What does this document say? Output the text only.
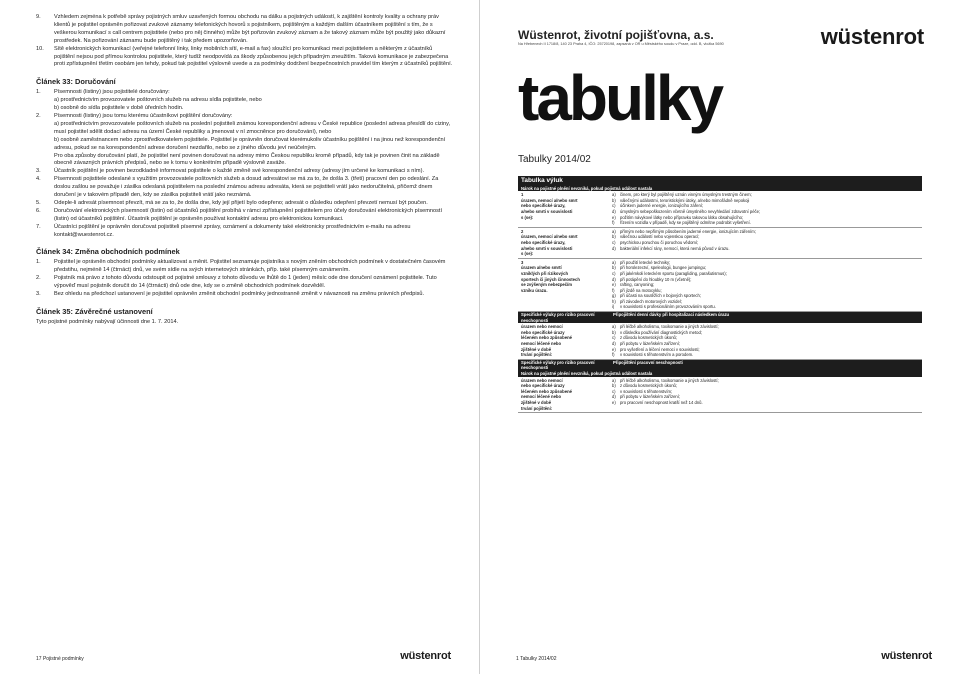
9.	Vzhledem zejména k potřebě správy pojistných smluv uzavřených formou obchodu na dálku a pojistných událostí, k zajištění kontroly kvality a ochrany práv klientů je pojistitel oprávněn pořizovat zvukové záznamy telefonických hovorů s pojistníkem, pojištěným a každým dalším účastníkem pojištění s tím, že s veškerou komunikací s call centrem pojistitele (nebo pro něj činného) může být pořizován zvukový záznam a že takový záznam může být použitý jako důkazní prostředek. Na pořizování záznamu bude pojištěný i tak předem upozorňován.
10.	Sítě elektronických komunikací (veřejné telefonní linky, linky mobilních sítí, e-mail a fax) sloužící pro komunikaci mezi pojistitelem a některým z účastníků pojištění nejsou pod přímou kontrolou pojistitele, který tudíž neodpovídá za škody způsobenou jejich případným zneužitím. Taková komunikace je zabezpečena proti zpřístupnění třetím osobám jen tehdy, pokud tak pojistitel výslovně uvede a za podmínky dodržení bezpečnostních pravidel tím kterým z účastníků pojištění.
Článek 33: Doručování
1.	Písemnosti (listiny) jsou pojistitelé doručovány:
a) prostřednictvím provozovatele poštovních služeb na adresu sídla pojistitele, nebo
b) osobně do sídla pojistitele v době úředních hodin.
2.	Písemnosti (listiny) jsou tomu kterému účastníkovi pojištění doručovány:
a) prostřednictvím provozovatele poštovních služeb na poslední pojistiteli známou korespondenční adresu v České republice (poslední adresa přesídlí do ciziny, musí pojistitel sdělit dodací adresu na území České republiky a jmenovat v ní zmocněnce pro doručování), nebo
b) osobně zaměstnancem nebo zprostředkovatelem pojistitele. Pojistitel je oprávněn doručovat kterémukoliv účastníku pojištění i na jinou než korespondenční adresu, pokud se na korespondenční adrese doručení nezdařilo, nebo se z jiného důvodu jeví neúčelným.
Pro oba způsoby doručování platí, že pojistitel není povinen doručovat na adresy mimo Českou republiku kromě případů, kdy tak je povinen činit na základě obecně závazných právních předpisů, nebo se k tomu v konkrétním případě výslovně zaváže.
3.	Účastník pojištění je povinen bezodkladně informovat pojistitele o každé změně své korespondenční adresy (adresy jím určené ke komunikaci s ním).
4.	Písemnosti pojistitele odeslané s využitím provozovatele poštovních služeb a dosud adresátovi se má za to, že došla 3. (třetí) pracovní den po odeslání. Za doslou zašlou se považuje i zásilka odeslaná pojistitelem na poslední známou adresu adresáta, která se pojistiteli vrátí jako nedoručitelná, přičemž dnem doručení je v takovém případě den, kdy se zásilka pojistiteli vrátí jako neznámá.
5.	Odeple-li adresát písemnost převzít, má se za to, že došla dne, kdy její přijetí bylo odepřeno; adresát o důsledku odepření převzetí nemusí být poučen.
6.	Doručování elektronických písemností (listin) od účastníků pojištění probíhá v rámci zpřístupnění pojistitelem pro účely doručování elektronických písemností (listin) od účastníků pojištění. Účastník pojištění je oprávněn používat kontaktní adresu pro elektronickou komunikaci.
7.	Účastníci pojištění je oprávněn doručovat pojistiteli písemné zprávy, oznámení a dokumenty také elektronicky prostřednictvím e-mailu na adresu kontakt@wuestenrot.cz.
Článek 34: Změna obchodních podmínek
1.	Pojistitel je oprávněn obchodní podmínky aktualizovat a měnit. Pojistitel seznamuje pojistníka s novým zněním obchodních podmínek v dostatečném časovém předstihu, nejméně 14 (čtrnáct) dnů, ve svém sídle na svých internetových stránkách, příp. také písemným oznámením.
2.	Pojistník má právo z tohoto důvodu odstoupit od pojistné smlouvy z tohoto důvodu ve lhůtě do 1 (jeden) měsíc ode dne doručení oznámení pojistitele. Tuto výpověď musí pojistník doručit do 14 (čtrnácti) dnů ode dne, kdy se o změně obchodních podmínek dozvěděl.
3.	Bez ohledu na předchozí ustanovení je pojistitel oprávněn změnit obchodní podmínky jednostranně změnit v návaznosti na změnu právních předpisů.
Článek 35: Závěrečné ustanovení

Tyto pojistné podmínky nabývají účinnosti dne 1. 7. 2014.

17 Pojistné podmínky	wüstenrot
Wüstenrot, životní pojišťovna, a.s.
Na Hřebenech II 1718/8, 140 23 Praha 4, IČO: 25720198, zapsaná v OR u Městského soudu v Praze, odd. B, vložka 5690	wüstenrot
tabulky
Tabulky 2014/02
Tabulka výluk
Nárok na pojistné plnění nevzniká, pokud pojistná událost nastala
1
úrazem, nemocí a/nebo smrt
nebo specifické úrazy,
a/nebo smrti v souvislosti
s (se):
a)	činem, pro který byl pojištěný uznán vinným úmyslným trestným činem;
b)	válečnými událostmi, teroristickými útoky, a/nebo mimořádně nepokoji
c)	účinkem jaderné energie, ionizujícího záření;
d)	úmyslným sebepoškozením včetně úmyslného nevyhledání zdravotní péče;
e)	požitím návykové látky nebo přípravku takovou látku obsahujícího;
f)	řízením vozidla v případě, kdy se pojištěný odmítne podrobit vyšetření.
2
úrazem, nemocí a/nebo smrt
nebo specifické úrazy,
a/nebo smrti v souvislosti
s (se):
a)	přímým nebo nepřímým působením jaderné energie, ionizujícím zářením;
b)	válečnou událostí nebo vojenskou operací;
c)	psychickou poruchou či poruchou vědomí;
d)	bakteriální infekcí rány, nemocí, která nemá původ v úrazu.
3
úrazem a/nebo smrtí
vzniklých při rizikových
sportech či jiných činnostech
se zvýšeným nebezpečím
vzniku úrazu.
a)	při použití letecké techniky;
b)	při horolezectví, speleologii, bungee jumpingu;
c)	při jakémkoli leteckém sportu (paragliding, parašutismus);
d)	při potápění do hloubky 10 m (včetně);
e)	rafting, canyoning;
f)	při jízdě na motocyklu;
g)	při účasti na soutěžích v bojových sportech;
h)	při závodech motorových vozidel;
i)	v souvislosti s profesionálním provozováním sportu.
Specifické výluky pro riziko pracovní neschopnosti
Připojištění denní dávky při hospitalizaci následkem úrazu
úrazem nebo nemocí
nebo specifické úrazy
léčeném nebo způsobené
nemocí léčené nebo
zjištěné v době
trvání pojištění:
a)	při léčbě alkoholismu, toxikomanie a jiných závislostí;
b)	v důsledku používání diagnostických metod;
c)	z důvodu kosmetických úkonů;
d)	při pobytu v lázeňském zařízení;
e)	pro vyšetření a léčení nemoci v souvislosti;
f)	v souvislosti s těhotenstvím a porodem.
Specifické výluky pro riziko pracovní neschopnosti
Připojištění pracovní neschopnosti
Nárok na pojistné plnění nevzniká, pokud pojistná událost nastala
úrazem nebo nemocí
nebo specifické úrazy
léčeném nebo způsobené
nemocí léčené nebo
zjištěné v době
trvání pojištění:
a)	při léčbě alkoholismu, toxikomanie a jiných závislostí;
b)	z důvodu kosmetických úkonů;
c)	v souvislosti s těhotenstvím;
d)	při pobytu v lázeňském zařízení;
e)	pro pracovní neschopnost kratší než 14 dnů.
1 Tabulky 2014/02	wüstenrot
